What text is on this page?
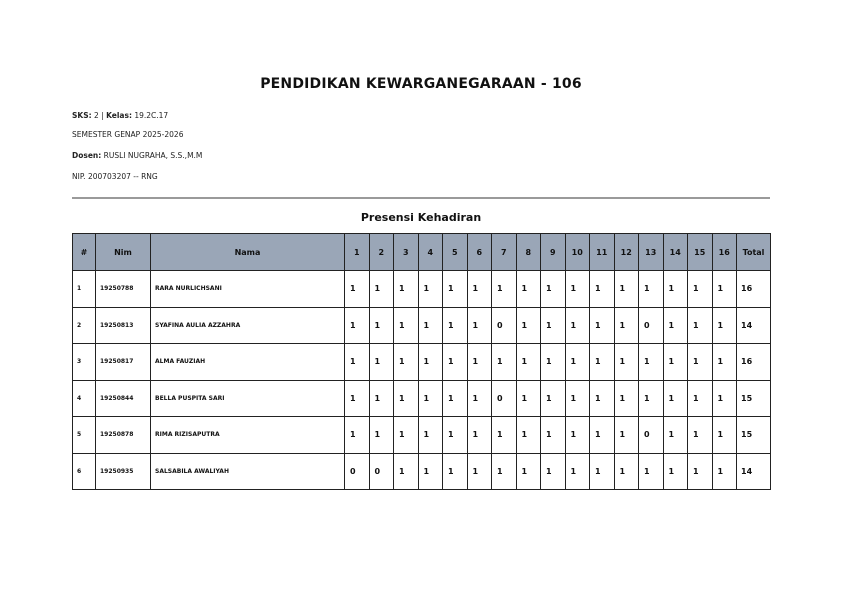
PENDIDIKAN KEWARGANEGARAAN - 106
SKS: 2 | Kelas: 19.2C.17
SEMESTER GENAP 2025-2026
Dosen: RUSLI NUGRAHA, S.S.,M.M
NIP. 200703207 -- RNG
Presensi Kehadiran
#	Nim	Nama	1	2	3	4	5	6	7	8	9	10	11	12	13	14	15	16	Total
1	19250788	RARA NURLICHSANI	1	1	1	1	1	1	1	1	1	1	1	1	1	1	1	1	16
2	19250813	SYAFINA AULIA AZZAHRA	1	1	1	1	1	1	0	1	1	1	1	1	0	1	1	1	14
3	19250817	ALMA FAUZIAH	1	1	1	1	1	1	1	1	1	1	1	1	1	1	1	1	16
4	19250844	BELLA PUSPITA SARI	1	1	1	1	1	1	0	1	1	1	1	1	1	1	1	1	15
5	19250878	RIMA RIZISAPUTRA	1	1	1	1	1	1	1	1	1	1	1	1	0	1	1	1	15
6	19250935	SALSABILA AWALIYAH	0	0	1	1	1	1	1	1	1	1	1	1	1	1	1	1	14
